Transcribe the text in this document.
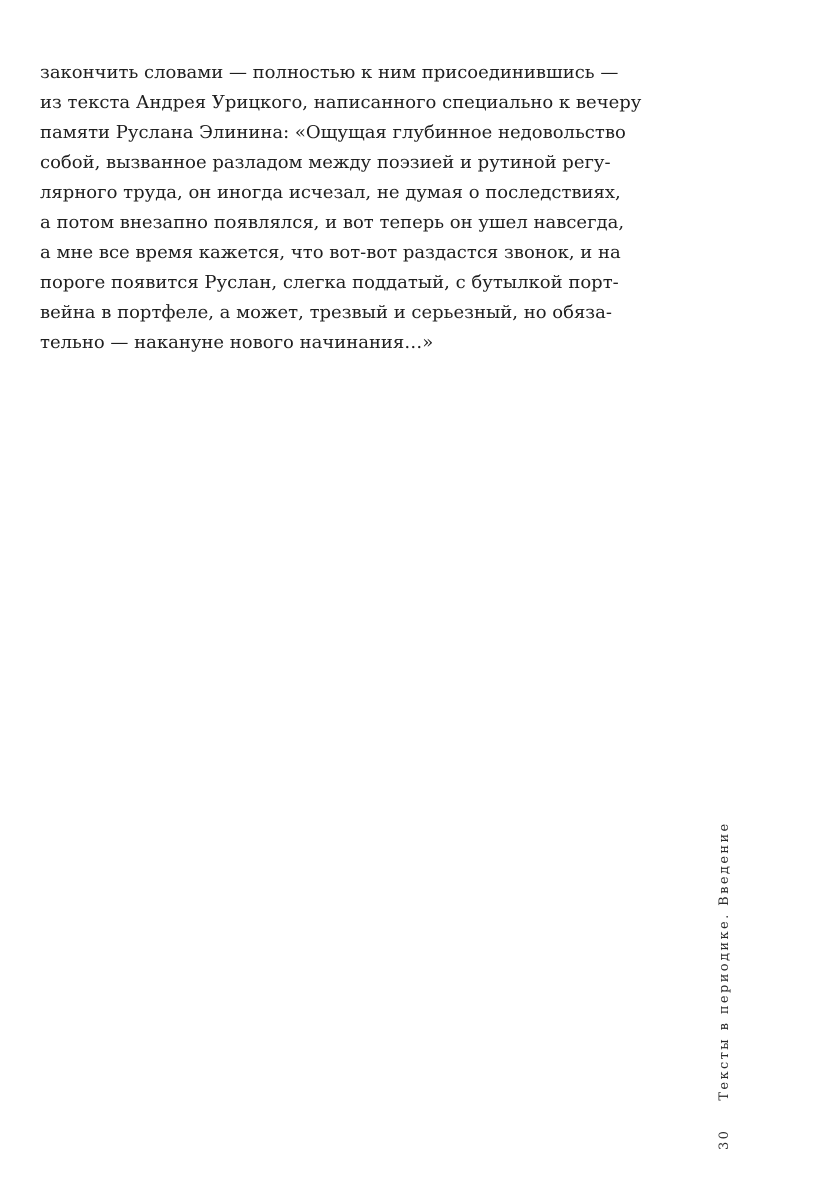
закончить словами — полностью к ним присоединившись —
из текста Андрея Урицкого, написанного специально к вечеру
памяти Руслана Элинина: «Ощущая глубинное недовольство
собой, вызванное разладом между поэзией и рутиной регу-
лярного труда, он иногда исчезал, не думая о последствиях,
а потом внезапно появлялся, и вот теперь он ушел навсегда,
а мне все время кажется, что вот-вот раздастся звонок, и на
пороге появится Руслан, слегка поддатый, с бутылкой порт-
вейна в портфеле, а может, трезвый и серьезный, но обяза-
тельно — накануне нового начинания…»
30
Тексты в периодике. Введение
